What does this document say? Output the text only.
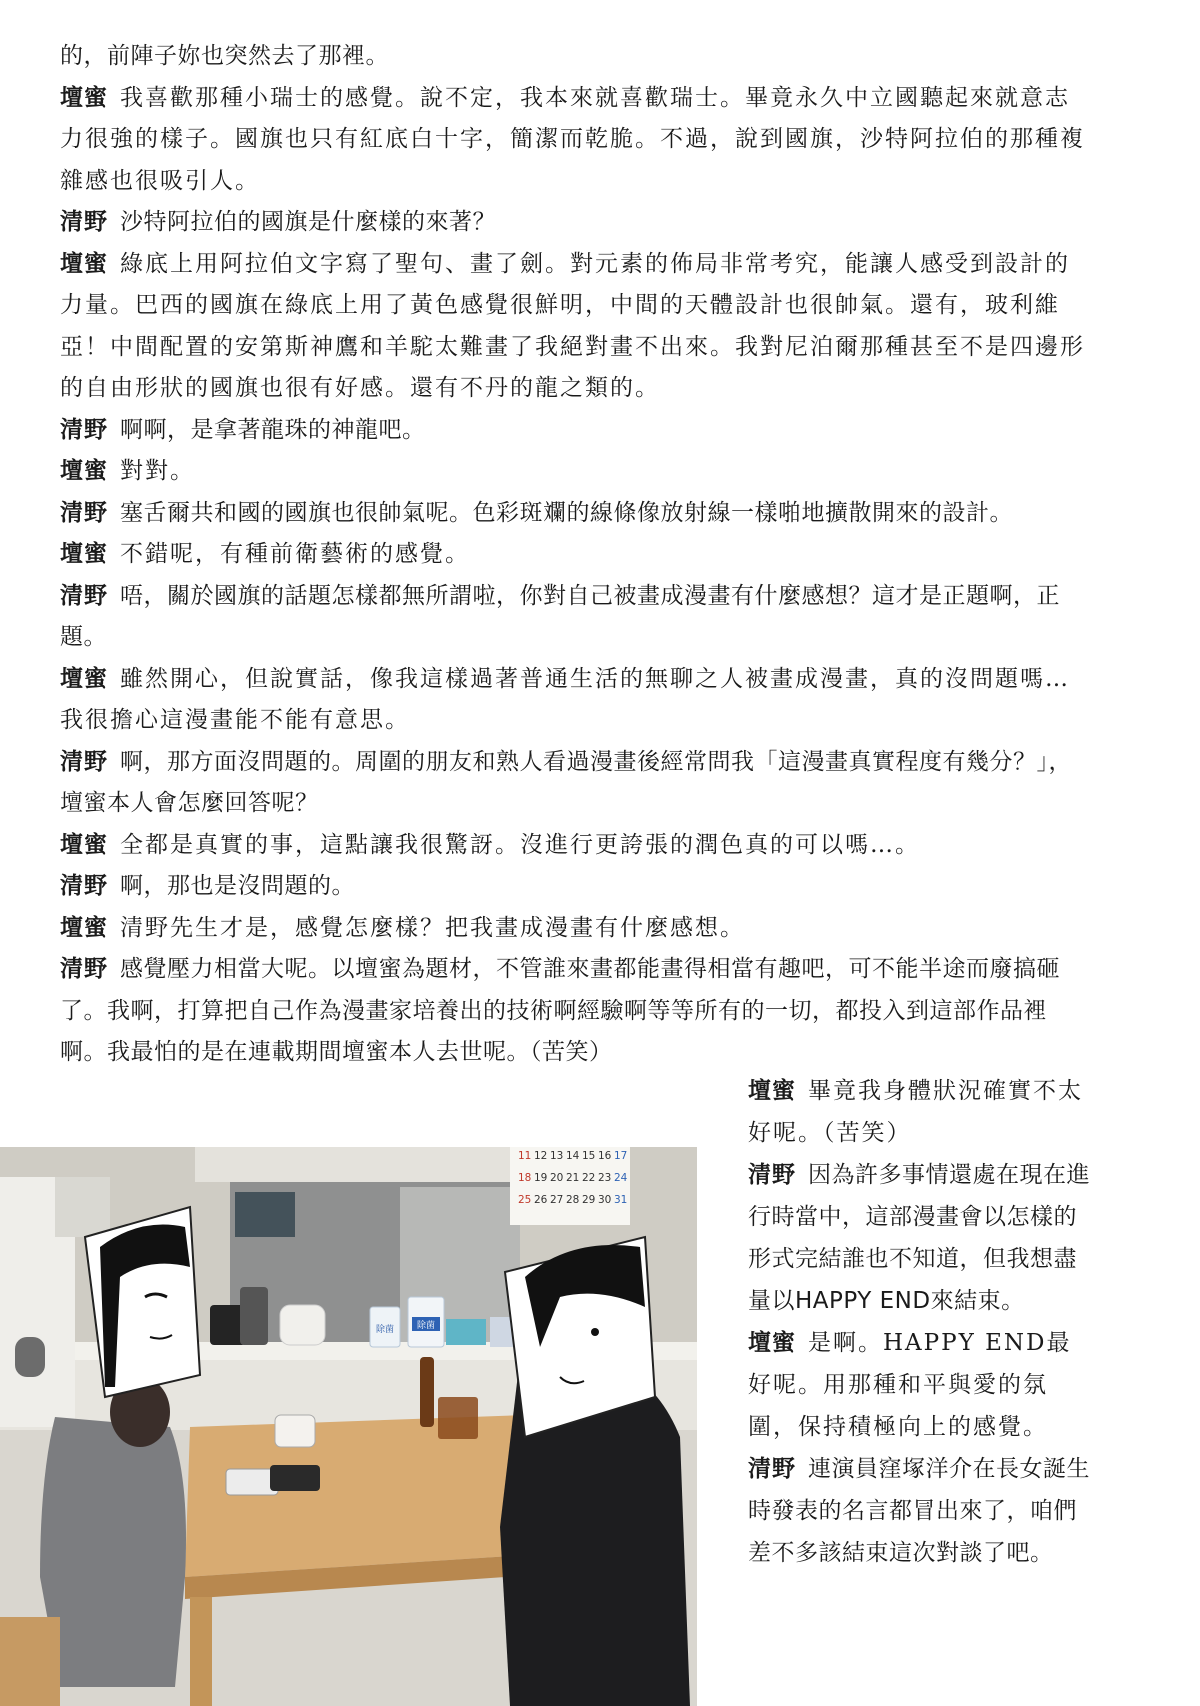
的，前陣子妳也突然去了那裡。

壇蜜 我喜歡那種小瑞士的感覺。說不定，我本來就喜歡瑞士。畢竟永久中立國聽起來就意志力很強的樣子。國旗也只有紅底白十字，簡潔而乾脆。不過，說到國旗，沙特阿拉伯的那種複雜感也很吸引人。

清野 沙特阿拉伯的國旗是什麼樣的來著？

壇蜜 綠底上用阿拉伯文字寫了聖句、畫了劍。對元素的佈局非常考究，能讓人感受到設計的力量。巴西的國旗在綠底上用了黃色感覺很鮮明，中間的天體設計也很帥氣。還有，玻利維亞！中間配置的安第斯神鷹和羊駝太難畫了我絕對畫不出來。我對尼泊爾那種甚至不是四邊形的自由形狀的國旗也很有好感。還有不丹的龍之類的。

清野 啊啊，是拿著龍珠的神龍吧。

壇蜜 對對。

清野 塞舌爾共和國的國旗也很帥氣呢。色彩斑斕的線條像放射線一樣啪地擴散開來的設計。

壇蜜 不錯呢，有種前衛藝術的感覺。

清野 唔，關於國旗的話題怎樣都無所謂啦，你對自己被畫成漫畫有什麼感想？這才是正題啊，正題。

壇蜜 雖然開心，但說實話，像我這樣過著普通生活的無聊之人被畫成漫畫，真的沒問題嗎…我很擔心這漫畫能不能有意思。

清野 啊，那方面沒問題的。周圍的朋友和熟人看過漫畫後經常問我「這漫畫真實程度有幾分？」，壇蜜本人會怎麼回答呢？

壇蜜 全都是真實的事，這點讓我很驚訝。沒進行更誇張的潤色真的可以嗎…。

清野 啊，那也是沒問題的。

壇蜜 清野先生才是，感覺怎麼樣？把我畫成漫畫有什麼感想。

清野 感覺壓力相當大呢。以壇蜜為題材，不管誰來畫都能畫得相當有趣吧，可不能半途而廢搞砸了。我啊，打算把自己作為漫畫家培養出的技術啊經驗啊等等所有的一切，都投入到這部作品裡啊。我最怕的是在連載期間壇蜜本人去世呢。（苦笑）

壇蜜 畢竟我身體狀況確實不太好呢。（苦笑）

清野 因為許多事情還處在現在進行時當中，這部漫畫會以怎樣的形式完結誰也不知道，但我想盡量以HAPPY END來結束。

壇蜜 是啊。HAPPY END最好呢。用那種和平與愛的氛圍，保持積極向上的感覺。

清野 連演員窪塚洋介在長女誕生時發表的名言都冒出來了，咱們差不多該結束這次對談了吧。

11 12 13 14 15 16 17
18 19 20 21 22 23 24
25 26 27 28 29 30 31
除菌	除菌
